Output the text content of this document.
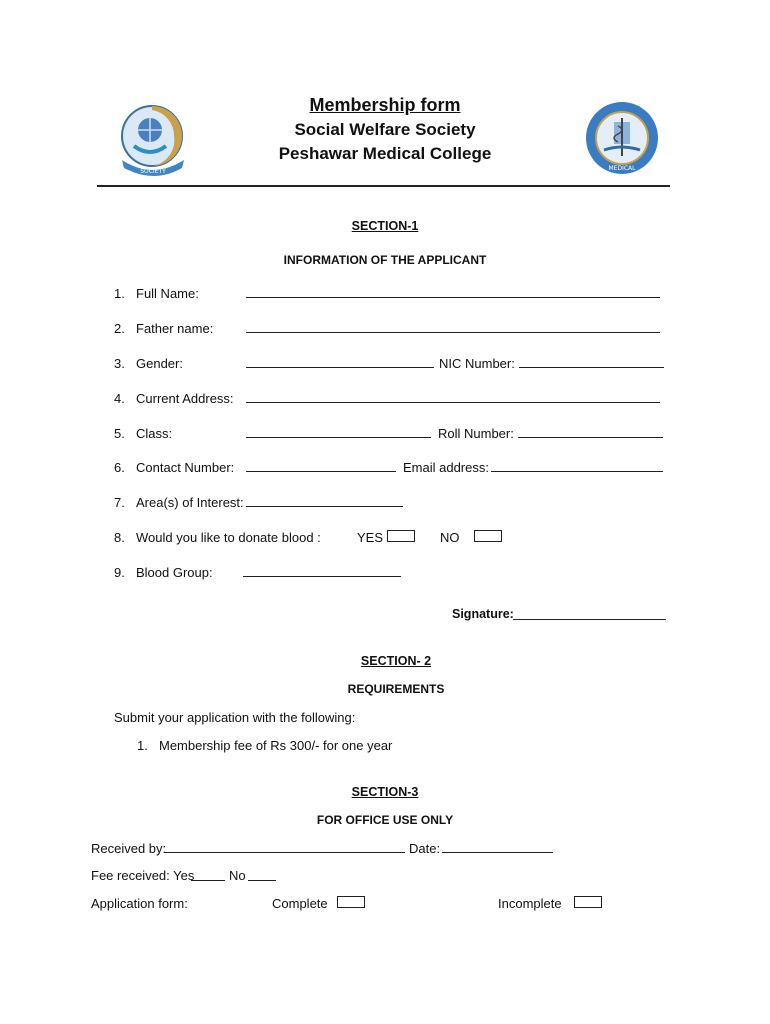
SOCIETY	MEDICAL
Membership form
Social Welfare Society
Peshawar Medical College
SECTION-1
INFORMATION OF THE APPLICANT
1. Full Name:
2. Father name:
3. Gender:	NIC Number:
4. Current Address:
5. Class:	Roll Number:
6. Contact Number:	Email address:
7. Area(s) of Interest:
8. Would you like to donate blood :	YES	NO
9. Blood Group:
Signature:
SECTION- 2
REQUIREMENTS
Submit your application with the following:
1. Membership fee of Rs 300/- for one year
SECTION-3
FOR OFFICE USE ONLY
Received by:	Date:
Fee received: Yes	No
Application form:	Complete	Incomplete
